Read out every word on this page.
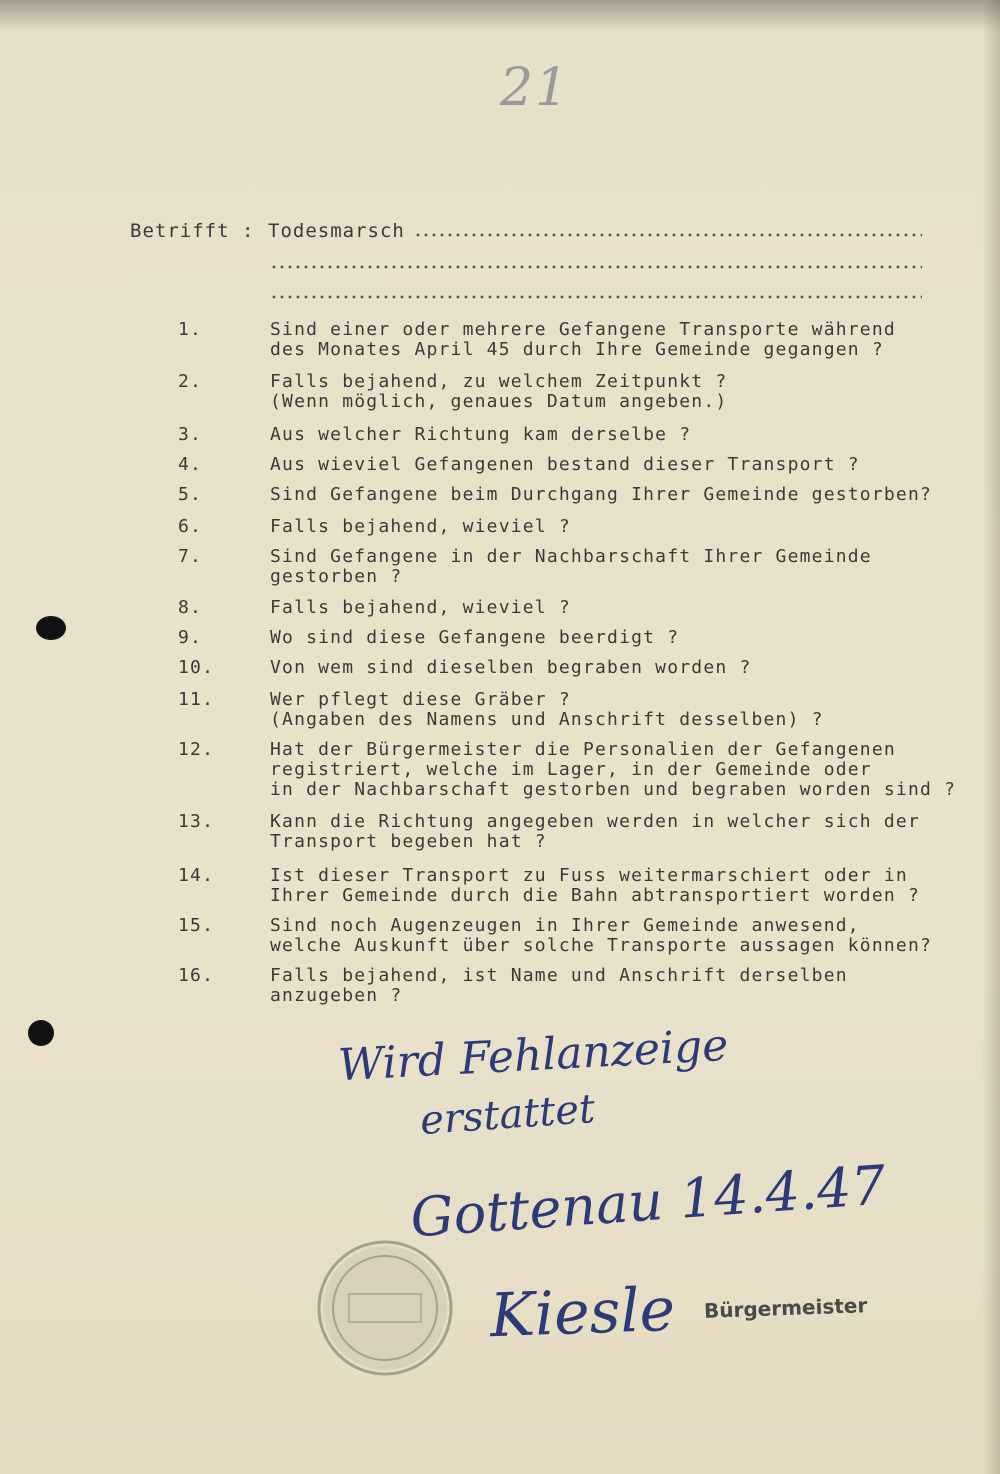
21
Betrifft : Todesmarsch
1.	Sind einer oder mehrere Gefangene Transporte während
des Monates April 45 durch Ihre Gemeinde gegangen ?
2.	Falls bejahend, zu welchem Zeitpunkt ?
(Wenn möglich, genaues Datum angeben.)
3.	Aus welcher Richtung kam derselbe ?
4.	Aus wieviel Gefangenen bestand dieser Transport ?
5.	Sind Gefangene beim Durchgang Ihrer Gemeinde gestorben?
6.	Falls bejahend, wieviel ?
7.	Sind Gefangene in der Nachbarschaft Ihrer Gemeinde
gestorben ?
8.	Falls bejahend, wieviel ?
9.	Wo sind diese Gefangene beerdigt ?
10.	Von wem sind dieselben begraben worden ?
11.	Wer pflegt diese Gräber ?
(Angaben des Namens und Anschrift desselben) ?
12.	Hat der Bürgermeister die Personalien der Gefangenen
registriert, welche im Lager, in der Gemeinde oder
in der Nachbarschaft gestorben und begraben worden sind ?
13.	Kann die Richtung angegeben werden in welcher sich der
Transport begeben hat ?
14.	Ist dieser Transport zu Fuss weitermarschiert oder in
Ihrer Gemeinde durch die Bahn abtransportiert worden ?
15.	Sind noch Augenzeugen in Ihrer Gemeinde anwesend,
welche Auskunft über solche Transporte aussagen können?
16.	Falls bejahend, ist Name und Anschrift derselben
anzugeben ?
Wird Fehlanzeige
erstattet
Gottenau 14.4.47
Kiesle Bürgermeister
